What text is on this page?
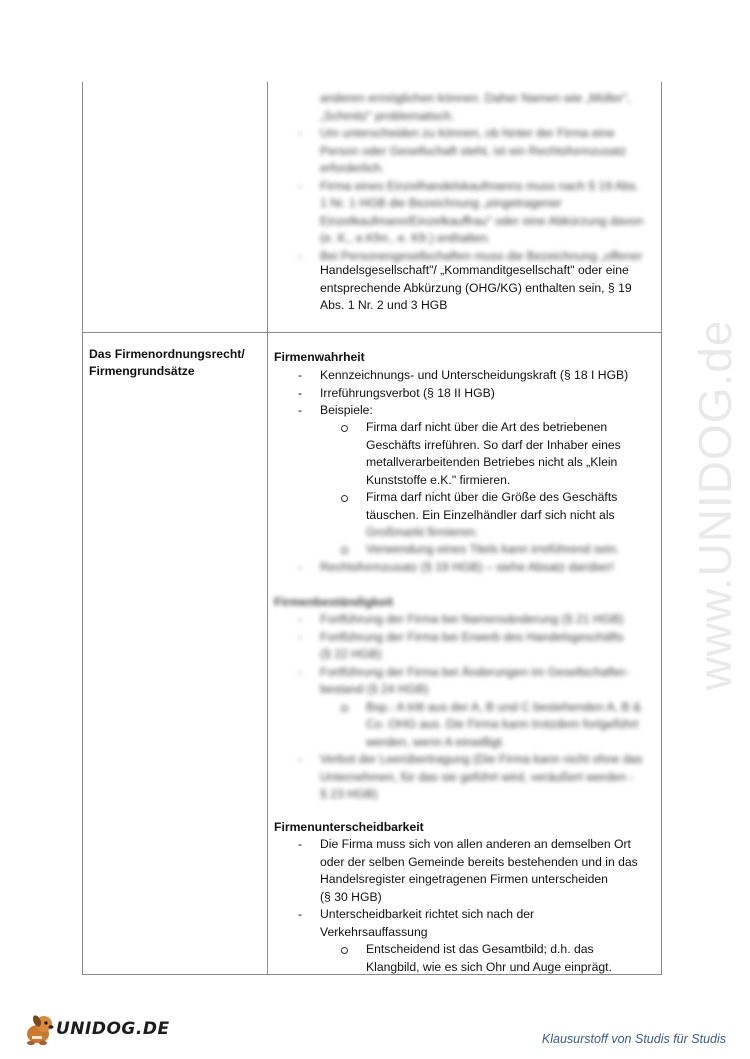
www.UNIDOG.de
anderen ermöglichen können. Daher Namen wie „Müller",
„Schmitz" problematisch.
- Um unterscheiden zu können, ob hinter der Firma eine
Person oder Gesellschaft steht, ist ein Rechtsformzusatz
erforderlich.
- Firma eines Einzelhandelskaufmanns muss nach § 19 Abs.
1 Nr. 1 HGB die Bezeichnung „eingetragener
Einzelkaufmann/Einzelkauffrau" oder eine Abkürzung davon
(e. K., e.Kfm., e. Kfr.) enthalten.
- Bei Personengesellschaften muss die Bezeichnung „offener
Handelsgesellschaft"/ „Kommanditgesellschaft" oder eine
entsprechende Abkürzung (OHG/KG) enthalten sein, § 19
Abs. 1 Nr. 2 und 3 HGB
Das Firmenordnungsrecht/
Firmengrundsätze
Firmenwahrheit
- Kennzeichnungs- und Unterscheidungskraft (§ 18 I HGB)
- Irreführungsverbot (§ 18 II HGB)
- Beispiele:
Firma darf nicht über die Art des betriebenen
Geschäfts irreführen. So darf der Inhaber eines
metallverarbeitenden Betriebes nicht als „Klein
Kunststoffe e.K." firmieren.
Firma darf nicht über die Größe des Geschäfts
täuschen. Ein Einzelhändler darf sich nicht als
Großmarkt firmieren.
Verwendung eines Titels kann irreführend sein.
- Rechtsformzusatz (§ 19 HGB) – siehe Absatz darüber!
Firmenbeständigkeit
- Fortführung der Firma bei Namensänderung (§ 21 HGB)
- Fortführung der Firma bei Erwerb des Handelsgeschäfts
(§ 22 HGB)
- Fortführung der Firma bei Änderungen im Gesellschafter-
bestand (§ 24 HGB)
Bsp.: A tritt aus der A, B und C bestehenden A, B &
Co. OHG aus. Die Firma kann trotzdem fortgeführt
werden, wenn A einwilligt.
- Verbot der Leerübertragung (Die Firma kann nicht ohne das
Unternehmen, für das sie geführt wird, veräußert werden -
§ 23 HGB)
Firmenunterscheidbarkeit
- Die Firma muss sich von allen anderen an demselben Ort
oder der selben Gemeinde bereits bestehenden und in das
Handelsregister eingetragenen Firmen unterscheiden
(§ 30 HGB)
- Unterscheidbarkeit richtet sich nach der
Verkehrsauffassung
Entscheidend ist das Gesamtbild; d.h. das
Klangbild, wie es sich Ohr und Auge einprägt.
UNIDOG.DE	Klausurstoff von Studis für Studis
